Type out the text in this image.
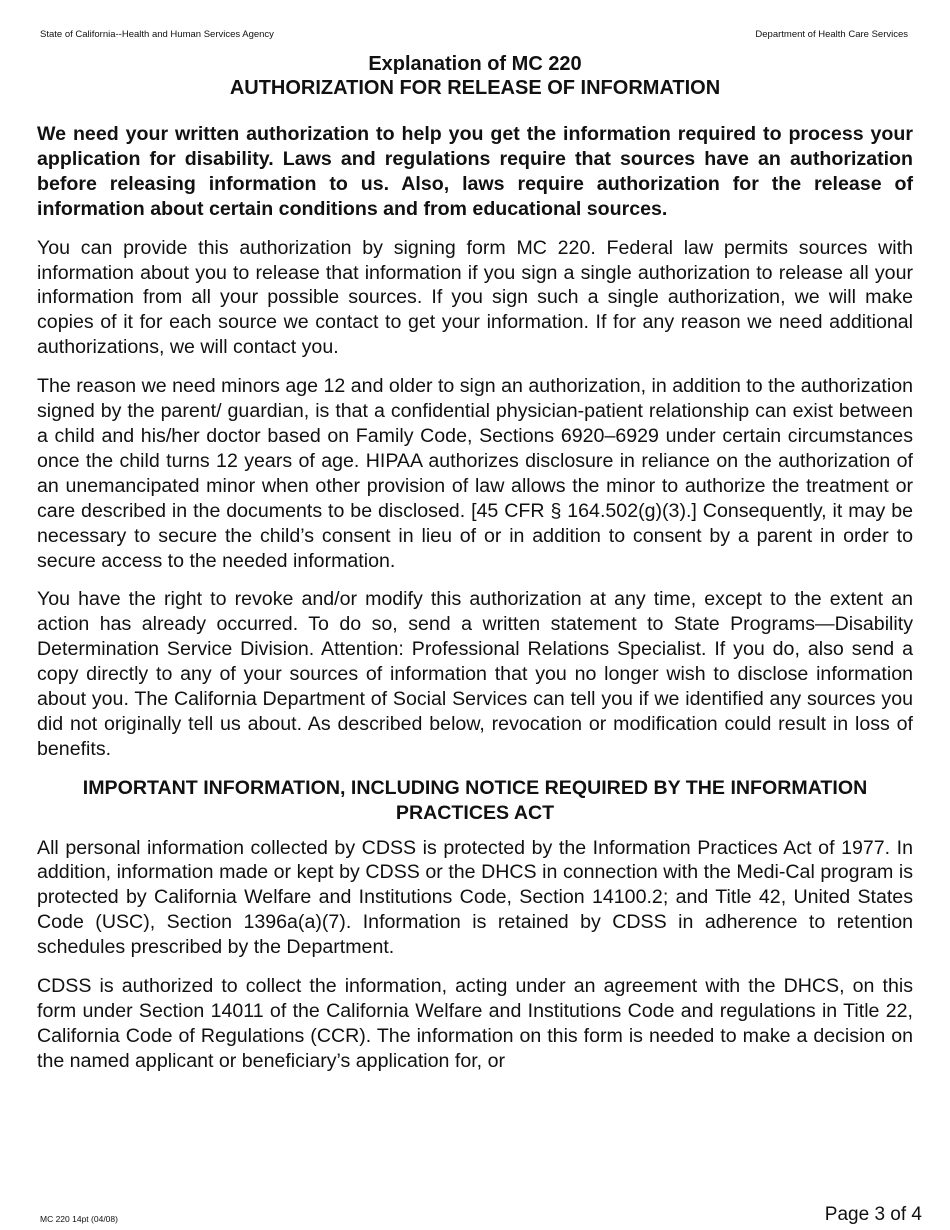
State of California--Health and Human Services Agency	Department of Health Care Services
Explanation of MC 220
AUTHORIZATION FOR RELEASE OF INFORMATION

We need your written authorization to help you get the information required to process your application for disability. Laws and regulations require that sources have an authorization before releasing information to us. Also, laws require authorization for the release of information about certain conditions and from educational sources.

You can provide this authorization by signing form MC 220. Federal law permits sources with information about you to release that information if you sign a single authorization to release all your information from all your possible sources. If you sign such a single authorization, we will make copies of it for each source we contact to get your information. If for any reason we need additional authorizations, we will contact you.

The reason we need minors age 12 and older to sign an authorization, in addition to the authorization signed by the parent/ guardian, is that a confidential physician-patient relationship can exist between a child and his/her doctor based on Family Code, Sections 6920–6929 under certain circumstances once the child turns 12 years of age. HIPAA authorizes disclosure in reliance on the authorization of an unemancipated minor when other provision of law allows the minor to authorize the treatment or care described in the documents to be disclosed. [45 CFR § 164.502(g)(3).] Consequently, it may be necessary to secure the child’s consent in lieu of or in addition to consent by a parent in order to secure access to the needed information.

You have the right to revoke and/or modify this authorization at any time, except to the extent an action has already occurred. To do so, send a written statement to State Programs—Disability Determination Service Division. Attention: Professional Relations Specialist. If you do, also send a copy directly to any of your sources of information that you no longer wish to disclose information about you. The California Department of Social Services can tell you if we identified any sources you did not originally tell us about. As described below, revocation or modification could result in loss of benefits.

IMPORTANT INFORMATION, INCLUDING NOTICE REQUIRED BY THE INFORMATION PRACTICES ACT

All personal information collected by CDSS is protected by the Information Practices Act of 1977. In addition, information made or kept by CDSS or the DHCS in connection with the Medi-Cal program is protected by California Welfare and Institutions Code, Section 14100.2; and Title 42, United States Code (USC), Section 1396a(a)(7). Information is retained by CDSS in adherence to retention schedules prescribed by the Department.

CDSS is authorized to collect the information, acting under an agreement with the DHCS, on this form under Section 14011 of the California Welfare and Institutions Code and regulations in Title 22, California Code of Regulations (CCR). The information on this form is needed to make a decision on the named applicant or beneficiary’s application for, or

MC 220 14pt (04/08)	Page 3 of 4
